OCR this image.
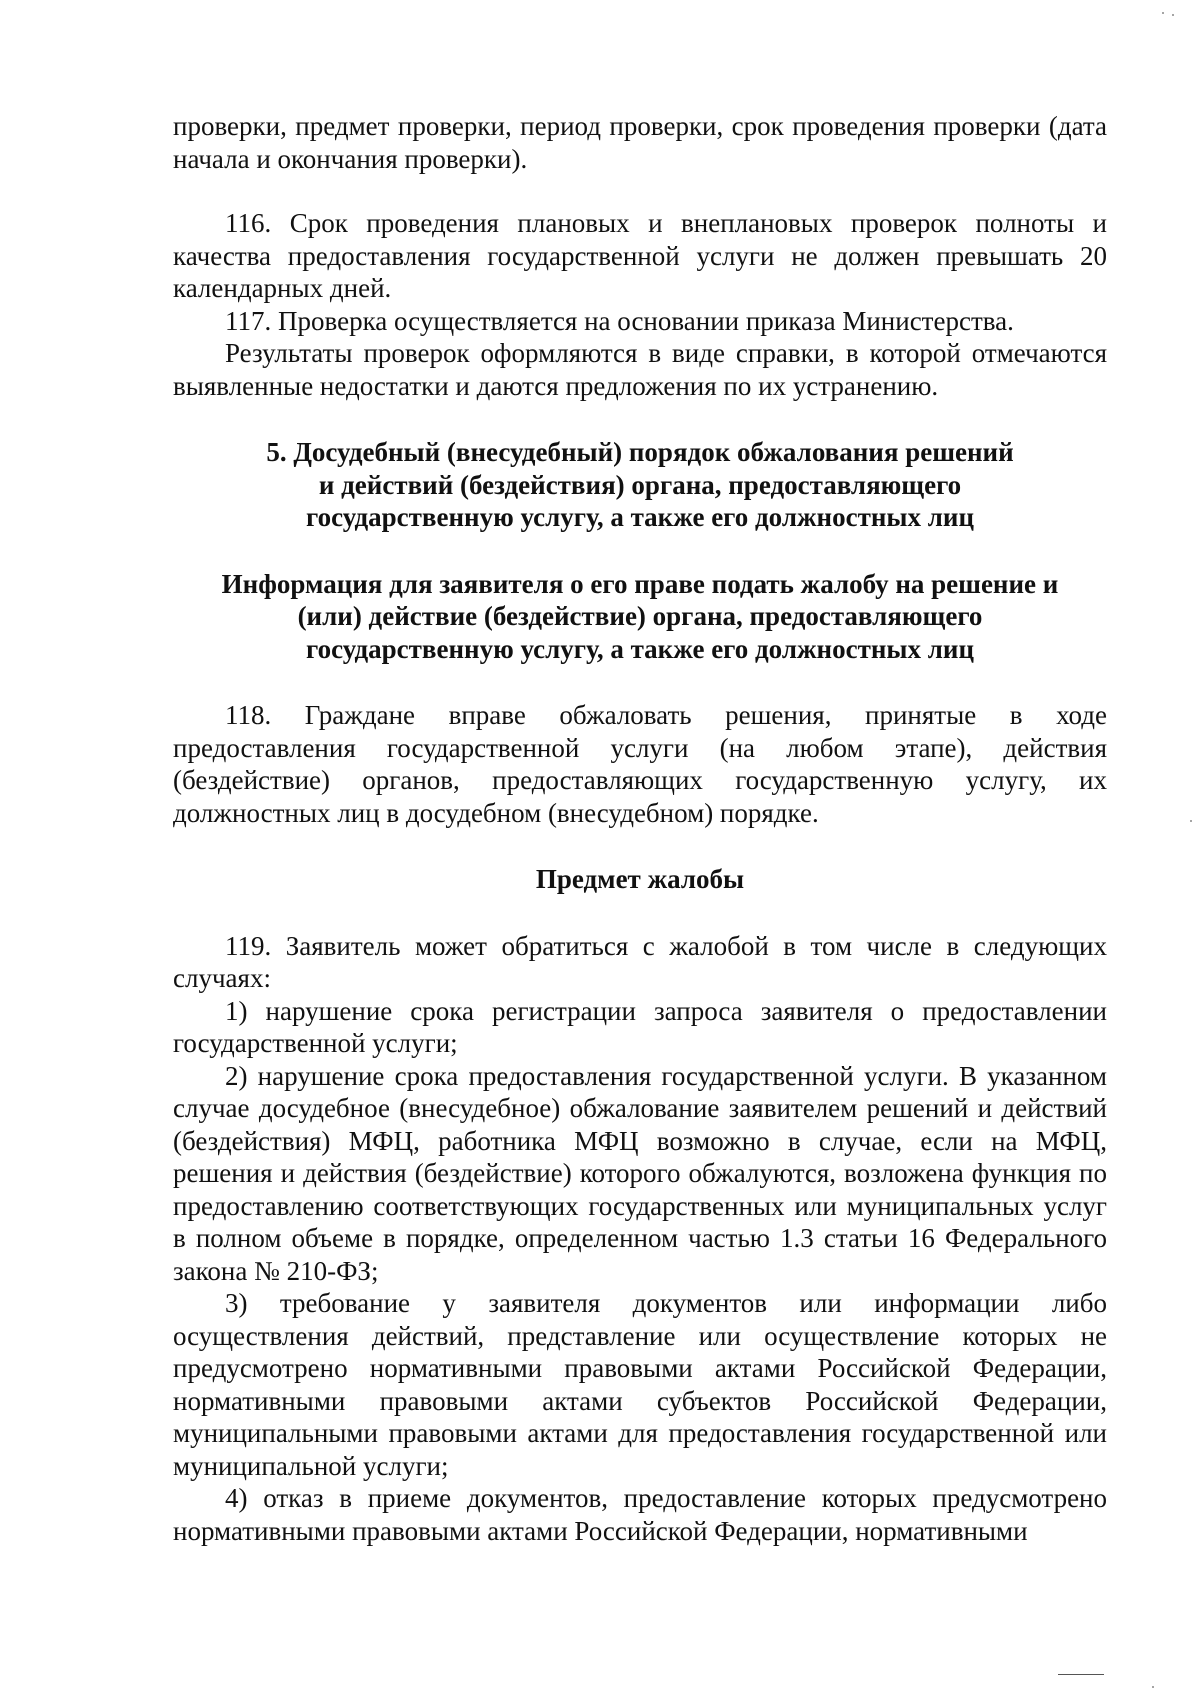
проверки, предмет проверки, период проверки, срок проведения проверки (дата начала и окончания проверки).

116. Срок проведения плановых и внеплановых проверок полноты и качества предоставления государственной услуги не должен превышать 20 календарных дней.

117. Проверка осуществляется на основании приказа Министерства.

Результаты проверок оформляются в виде справки, в которой отмечаются выявленные недостатки и даются предложения по их устранению.

5. Досудебный (внесудебный) порядок обжалования решений
и действий (бездействия) органа, предоставляющего
государственную услугу, а также его должностных лиц
Информация для заявителя о его праве подать жалобу на решение и
(или) действие (бездействие) органа, предоставляющего
государственную услугу, а также его должностных лиц

118. Граждане вправе обжаловать решения, принятые в ходе предоставления государственной услуги (на любом этапе), действия (бездействие) органов, предоставляющих государственную услугу, их должностных лиц в досудебном (внесудебном) порядке.

Предмет жалобы

119. Заявитель может обратиться с жалобой в том числе в следующих случаях:

1) нарушение срока регистрации запроса заявителя о предоставлении государственной услуги;

2) нарушение срока предоставления государственной услуги. В указанном случае досудебное (внесудебное) обжалование заявителем решений и действий (бездействия) МФЦ, работника МФЦ возможно в случае, если на МФЦ, решения и действия (бездействие) которого обжалуются, возложена функция по предоставлению соответствующих государственных или муниципальных услуг в полном объеме в порядке, определенном частью 1.3 статьи 16 Федерального закона № 210-ФЗ;

3) требование у заявителя документов или информации либо осуществления действий, представление или осуществление которых не предусмотрено нормативными правовыми актами Российской Федерации, нормативными правовыми актами субъектов Российской Федерации, муниципальными правовыми актами для предоставления государственной или муниципальной услуги;

4) отказ в приеме документов, предоставление которых предусмотрено нормативными правовыми актами Российской Федерации, нормативными
